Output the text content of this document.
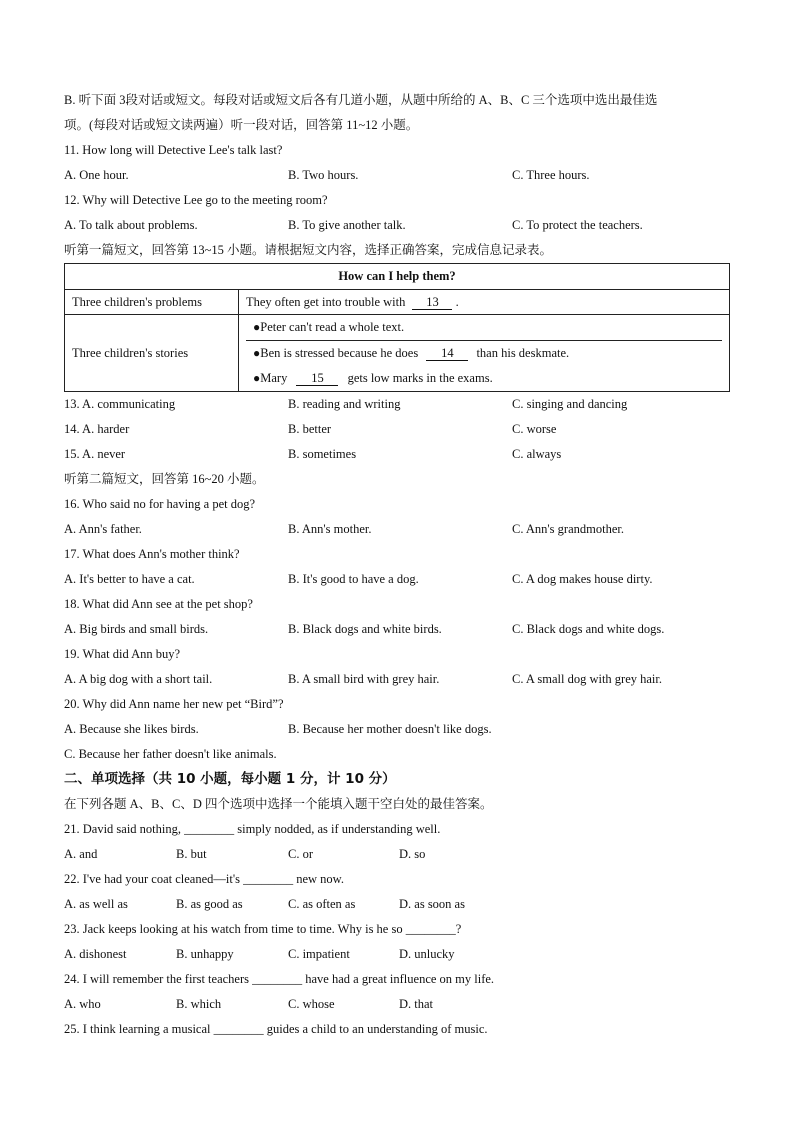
B. 听下面 3段对话或短文。每段对话或短文后各有几道小题，从题中所给的 A、B、C 三个选项中选出最佳选
项。(每段对话或短文读两遍）听一段对话，回答第 11~12 小题。
11. How long will Detective Lee's talk last?
A. One hour.	B. Two hours.	C. Three hours.
12. Why will Detective Lee go to the meeting room?
A. To talk about problems.	B. To give another talk.	C. To protect the teachers.
听第一篇短文，回答第 13~15 小题。请根据短文内容，选择正确答案，完成信息记录表。
How can I help them?	
Three children's problems	They often get into trouble with 13 .
Three children's stories	●Peter can't read a whole text.
●Ben is stressed because he does 14 than his deskmate.
●Mary 15 gets low marks in the exams.
13. A. communicating	B. reading and writing	C. singing and dancing
14. A. harder	B. better	C. worse
15. A. never	B. sometimes	C. always
听第二篇短文，回答第 16~20 小题。
16. Who said no for having a pet dog?
A. Ann's father.	B. Ann's mother.	C. Ann's grandmother.
17. What does Ann's mother think?
A. It's better to have a cat.	B. It's good to have a dog.	C. A dog makes house dirty.
18. What did Ann see at the pet shop?
A. Big birds and small birds.	B. Black dogs and white birds.	C. Black dogs and white dogs.
19. What did Ann buy?
A. A big dog with a short tail.	B. A small bird with grey hair.	C. A small dog with grey hair.
20. Why did Ann name her new pet “Bird”?
A. Because she likes birds.	B. Because her mother doesn't like dogs.
C. Because her father doesn't like animals.
二、单项选择（共 10 小题，每小题 1 分，计 10 分）
在下列各题 A、B、C、D 四个选项中选择一个能填入题干空白处的最佳答案。
21. David said nothing, ________ simply nodded, as if understanding well.
A. and	B. but	C. or	D. so
22. I've had your coat cleaned—it's ________ new now.
A. as well as	B. as good as	C. as often as	D. as soon as
23. Jack keeps looking at his watch from time to time. Why is he so ________?
A. dishonest	B. unhappy	C. impatient	D. unlucky
24. I will remember the first teachers ________ have had a great influence on my life.
A. who	B. which	C. whose	D. that
25. I think learning a musical ________ guides a child to an understanding of music.
